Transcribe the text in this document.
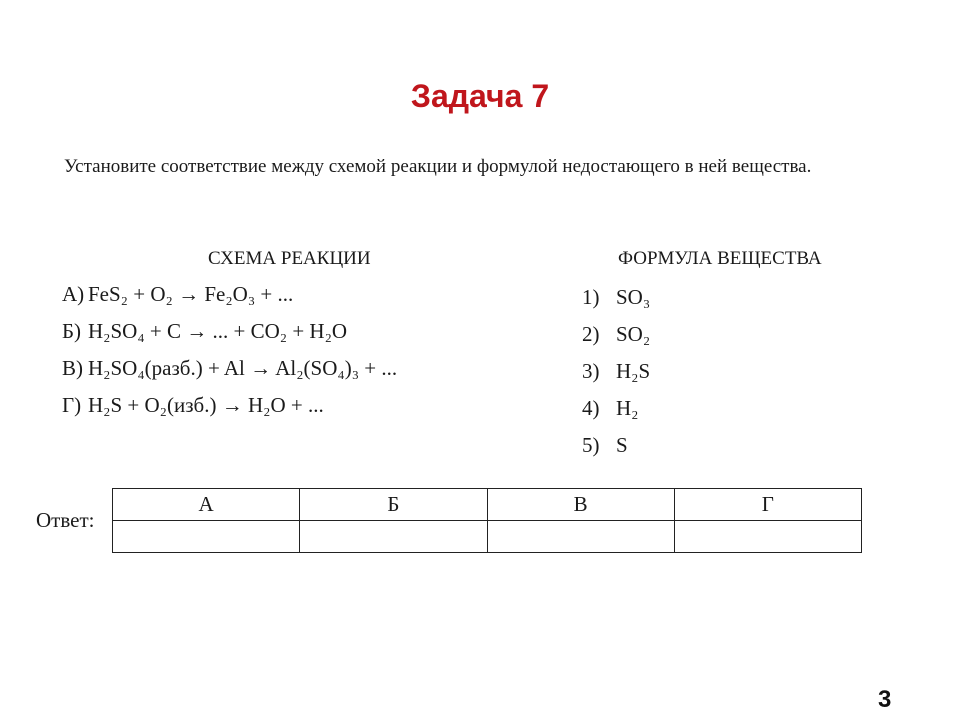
Задача 7
Установите соответствие между схемой реакции и формулой недостающего в ней вещества.
СХЕМА РЕАКЦИИ	ФОРМУЛА ВЕЩЕСТВА
А) FeS₂ + O₂ → Fe₂O₃ + ...
Б) H₂SO₄ + C → ... + CO₂ + H₂O
В) H₂SO₄(разб.) + Al → Al₂(SO₄)₃ + ...
Г) H₂S + O₂(изб.) → H₂O + ...
1) SO₃
2) SO₂
3) H₂S
4) H₂
5) S
Ответ:
А	Б	В	Г

3
